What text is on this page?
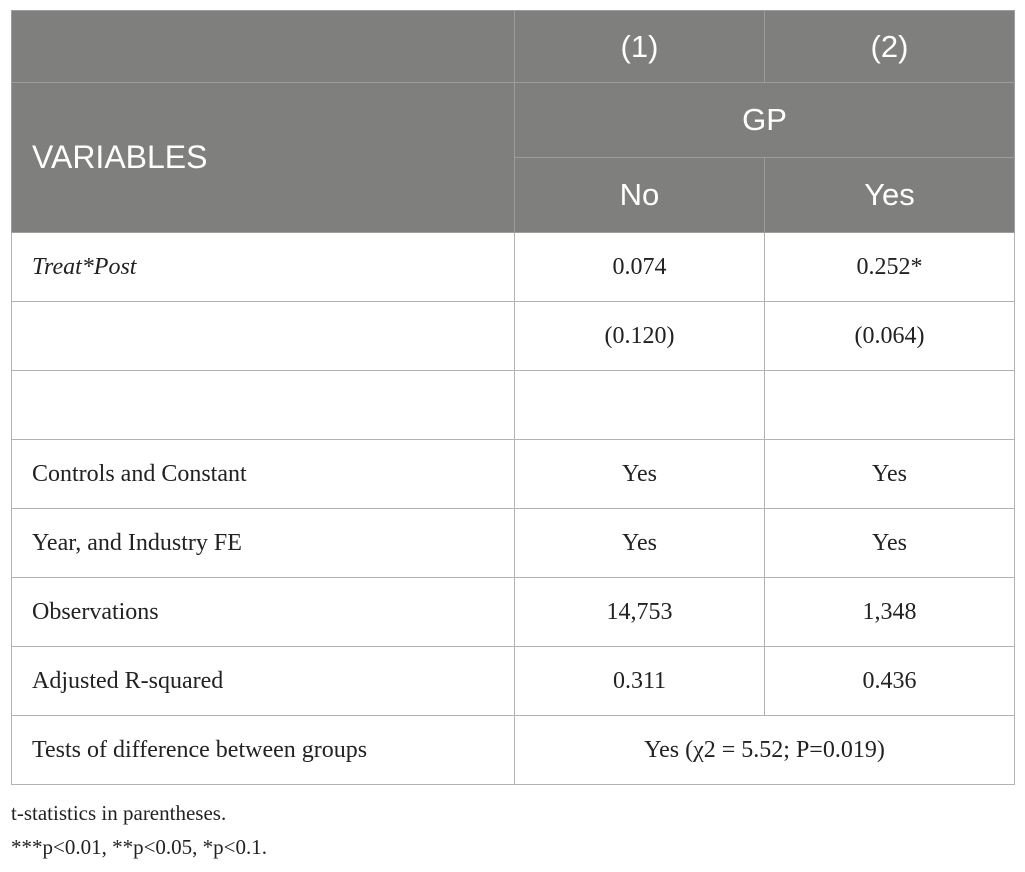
	(1)	(2)
VARIABLES	GP	
	No	Yes
Treat*Post	0.074	0.252*
	(0.120)	(0.064)

Controls and Constant	Yes	Yes
Year, and Industry FE	Yes	Yes
Observations	14,753	1,348
Adjusted R-squared	0.311	0.436
Tests of difference between groups	Yes (χ2 = 5.52; P=0.019)	
t-statistics in parentheses.
***p<0.01, **p<0.05, *p<0.1.
